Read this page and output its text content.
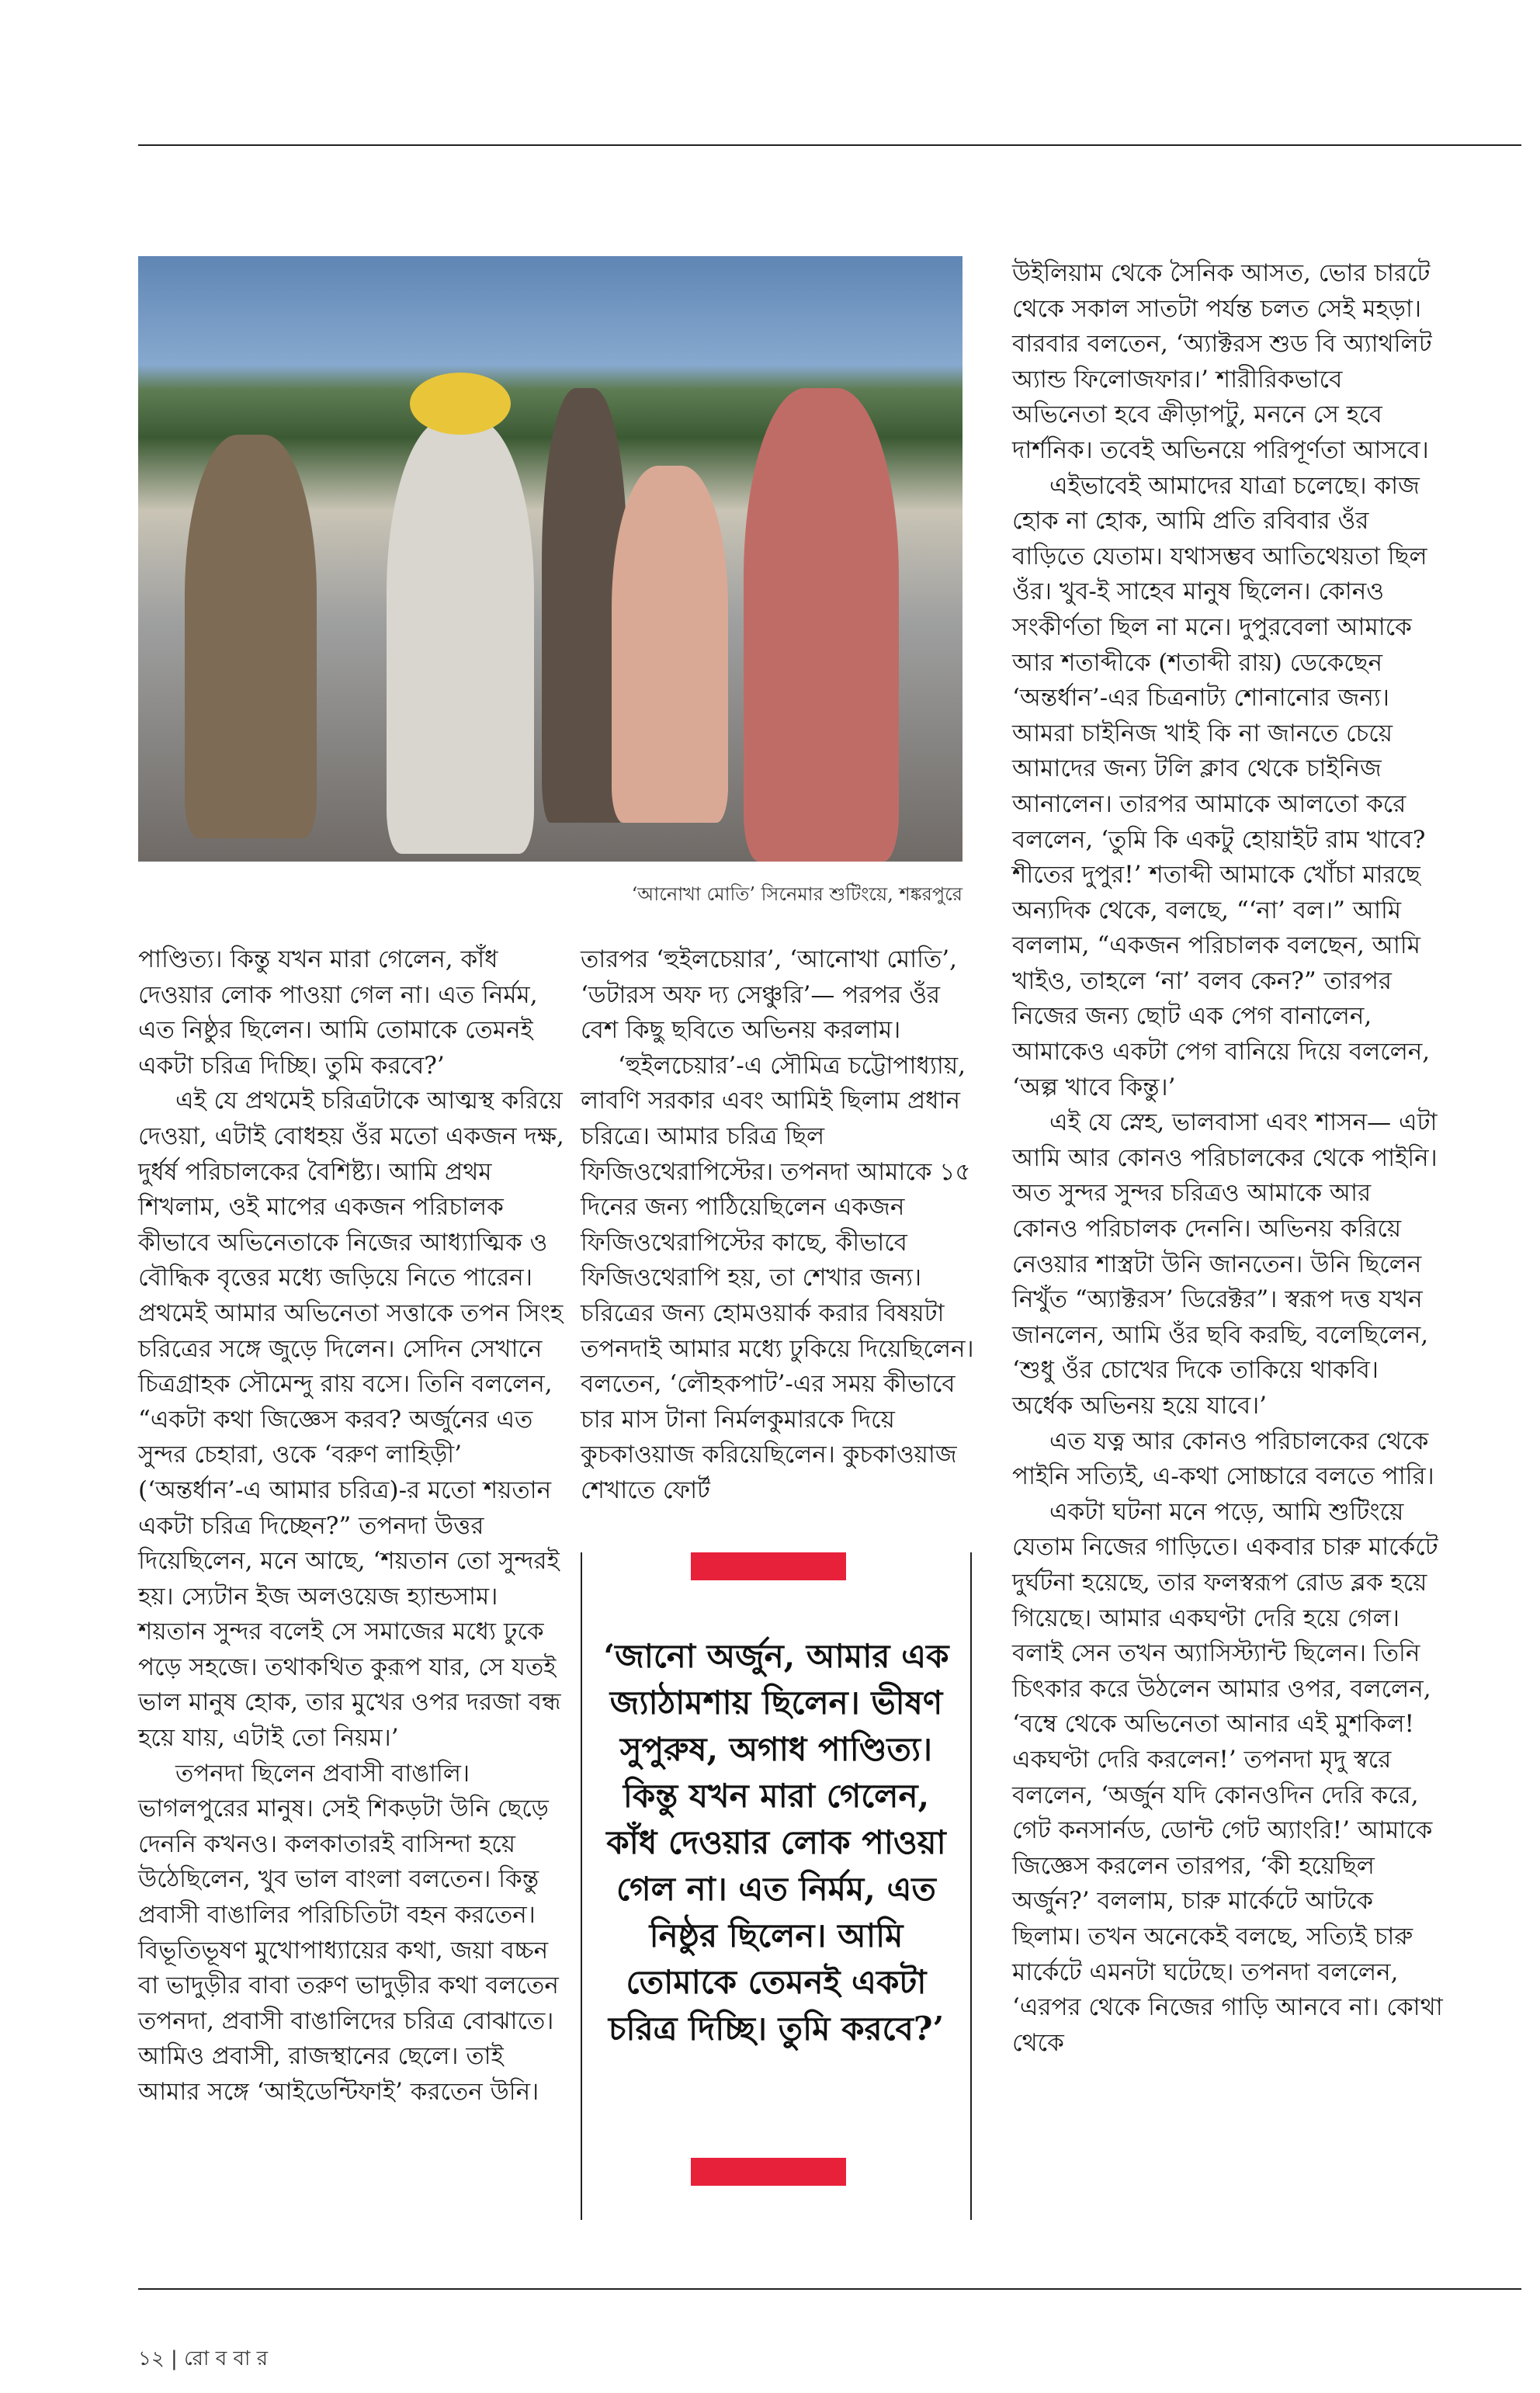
‘আনোখা মোতি’ সিনেমার শুটিংয়ে, শঙ্করপুরে

পাণ্ডিত্য। কিন্তু যখন মারা গেলেন, কাঁধ দেওয়ার লোক পাওয়া গেল না। এত নির্মম, এত নিষ্ঠুর ছিলেন। আমি তোমাকে তেমনই একটা চরিত্র দিচ্ছি। তুমি করবে?’

এই যে প্রথমেই চরিত্রটাকে আত্মস্থ করিয়ে দেওয়া, এটাই বোধহয় ওঁর মতো একজন দক্ষ, দুর্ধর্ষ পরিচালকের বৈশিষ্ট্য। আমি প্রথম শিখলাম, ওই মাপের একজন পরিচালক কীভাবে অভিনেতাকে নিজের আধ্যাত্মিক ও বৌদ্ধিক বৃত্তের মধ্যে জড়িয়ে নিতে পারেন। প্রথমেই আমার অভিনেতা সত্তাকে তপন সিংহ চরিত্রের সঙ্গে জুড়ে দিলেন। সেদিন সেখানে চিত্রগ্রাহক সৌমেন্দু রায় বসে। তিনি বললেন, “একটা কথা জিজ্ঞেস করব? অর্জুনের এত সুন্দর চেহারা, ওকে ‘বরুণ লাহিড়ী’ (‘অন্তর্ধান’-এ আমার চরিত্র)-র মতো শয়তান একটা চরিত্র দিচ্ছেন?” তপনদা উত্তর দিয়েছিলেন, মনে আছে, ‘শয়তান তো সুন্দরই হয়। স্যেটান ইজ অলওয়েজ হ্যান্ডসাম। শয়তান সুন্দর বলেই সে সমাজের মধ্যে ঢুকে পড়ে সহজে। তথাকথিত কুরূপ যার, সে যতই ভাল মানুষ হোক, তার মুখের ওপর দরজা বন্ধ হয়ে যায়, এটাই তো নিয়ম।’

তপনদা ছিলেন প্রবাসী বাঙালি। ভাগলপুরের মানুষ। সেই শিকড়টা উনি ছেড়ে দেননি কখনও। কলকাতারই বাসিন্দা হয়ে উঠেছিলেন, খুব ভাল বাংলা বলতেন। কিন্তু প্রবাসী বাঙালির পরিচিতিটা বহন করতেন। বিভূতিভূষণ মুখোপাধ্যায়ের কথা, জয়া বচ্চন বা ভাদুড়ীর বাবা তরুণ ভাদুড়ীর কথা বলতেন তপনদা, প্রবাসী বাঙালিদের চরিত্র বোঝাতে। আমিও প্রবাসী, রাজস্থানের ছেলে। তাই আমার সঙ্গে ‘আইডেন্টিফাই’ করতেন উনি।

তারপর ‘হুইলচেয়ার’, ‘আনোখা মোতি’, ‘ডটারস অফ দ্য সেঞ্চুরি’— পরপর ওঁর বেশ কিছু ছবিতে অভিনয় করলাম।

‘হুইলচেয়ার’-এ সৌমিত্র চট্টোপাধ্যায়, লাবণি সরকার এবং আমিই ছিলাম প্রধান চরিত্রে। আমার চরিত্র ছিল ফিজিওথেরাপিস্টের। তপনদা আমাকে ১৫ দিনের জন্য পাঠিয়েছিলেন একজন ফিজিওথেরাপিস্টের কাছে, কীভাবে ফিজিওথেরাপি হয়, তা শেখার জন্য। চরিত্রের জন্য হোমওয়ার্ক করার বিষয়টা তপনদাই আমার মধ্যে ঢুকিয়ে দিয়েছিলেন। বলতেন, ‘লৌহকপাট’-এর সময় কীভাবে চার মাস টানা নির্মলকুমারকে দিয়ে কুচকাওয়াজ করিয়েছিলেন। কুচকাওয়াজ শেখাতে ফোর্ট

‘জানো অর্জুন, আমার এক জ্যাঠামশায় ছিলেন। ভীষণ সুপুরুষ, অগাধ পাণ্ডিত্য। কিন্তু যখন মারা গেলেন, কাঁধ দেওয়ার লোক পাওয়া গেল না। এত নির্মম, এত নিষ্ঠুর ছিলেন। আমি তোমাকে তেমনই একটা চরিত্র দিচ্ছি। তুমি করবে?’

উইলিয়াম থেকে সৈনিক আসত, ভোর চারটে থেকে সকাল সাতটা পর্যন্ত চলত সেই মহড়া। বারবার বলতেন, ‘অ্যাক্টরস শুড বি অ্যাথলিট অ্যান্ড ফিলোজফার।’ শারীরিকভাবে অভিনেতা হবে ক্রীড়াপটু, মননে সে হবে দার্শনিক। তবেই অভিনয়ে পরিপূর্ণতা আসবে।

এইভাবেই আমাদের যাত্রা চলেছে। কাজ হোক না হোক, আমি প্রতি রবিবার ওঁর বাড়িতে যেতাম। যথাসম্ভব আতিথেয়তা ছিল ওঁর। খুব-ই সাহেব মানুষ ছিলেন। কোনও সংকীর্ণতা ছিল না মনে। দুপুরবেলা আমাকে আর শতাব্দীকে (শতাব্দী রায়) ডেকেছেন ‘অন্তর্ধান’-এর চিত্রনাট্য শোনানোর জন্য। আমরা চাইনিজ খাই কি না জানতে চেয়ে আমাদের জন্য টলি ক্লাব থেকে চাইনিজ আনালেন। তারপর আমাকে আলতো করে বললেন, ‘তুমি কি একটু হোয়াইট রাম খাবে? শীতের দুপুর!’ শতাব্দী আমাকে খোঁচা মারছে অন্যদিক থেকে, বলছে, “‘না’ বল।” আমি বললাম, “একজন পরিচালক বলছেন, আমি খাইও, তাহলে ‘না’ বলব কেন?” তারপর নিজের জন্য ছোট এক পেগ বানালেন, আমাকেও একটা পেগ বানিয়ে দিয়ে বললেন, ‘অল্প খাবে কিন্তু।’

এই যে স্নেহ, ভালবাসা এবং শাসন— এটা আমি আর কোনও পরিচালকের থেকে পাইনি। অত সুন্দর সুন্দর চরিত্রও আমাকে আর কোনও পরিচালক দেননি। অভিনয় করিয়ে নেওয়ার শাস্ত্রটা উনি জানতেন। উনি ছিলেন নিখুঁত “অ্যাক্টরস’ ডিরেক্টর”। স্বরূপ দত্ত যখন জানলেন, আমি ওঁর ছবি করছি, বলেছিলেন, ‘শুধু ওঁর চোখের দিকে তাকিয়ে থাকবি। অর্ধেক অভিনয় হয়ে যাবে।’

এত যত্ন আর কোনও পরিচালকের থেকে পাইনি সত্যিই, এ-কথা সোচ্চারে বলতে পারি।

একটা ঘটনা মনে পড়ে, আমি শুটিংয়ে যেতাম নিজের গাড়িতে। একবার চারু মার্কেটে দুর্ঘটনা হয়েছে, তার ফলস্বরূপ রোড ব্লক হয়ে গিয়েছে। আমার একঘণ্টা দেরি হয়ে গেল। বলাই সেন তখন অ্যাসিস্ট্যান্ট ছিলেন। তিনি চিৎকার করে উঠলেন আমার ওপর, বললেন, ‘বম্বে থেকে অভিনেতা আনার এই মুশকিল! একঘণ্টা দেরি করলেন!’ তপনদা মৃদু স্বরে বললেন, ‘অর্জুন যদি কোনওদিন দেরি করে, গেট কনসার্নড, ডোন্ট গেট অ্যাংরি!’ আমাকে জিজ্ঞেস করলেন তারপর, ‘কী হয়েছিল অর্জুন?’ বললাম, চারু মার্কেটে আটকে ছিলাম। তখন অনেকেই বলছে, সত্যিই চারু মার্কেটে এমনটা ঘটেছে। তপনদা বললেন, ‘এরপর থেকে নিজের গাড়ি আনবে না। কোথা থেকে

১২ | রো ব বা র
